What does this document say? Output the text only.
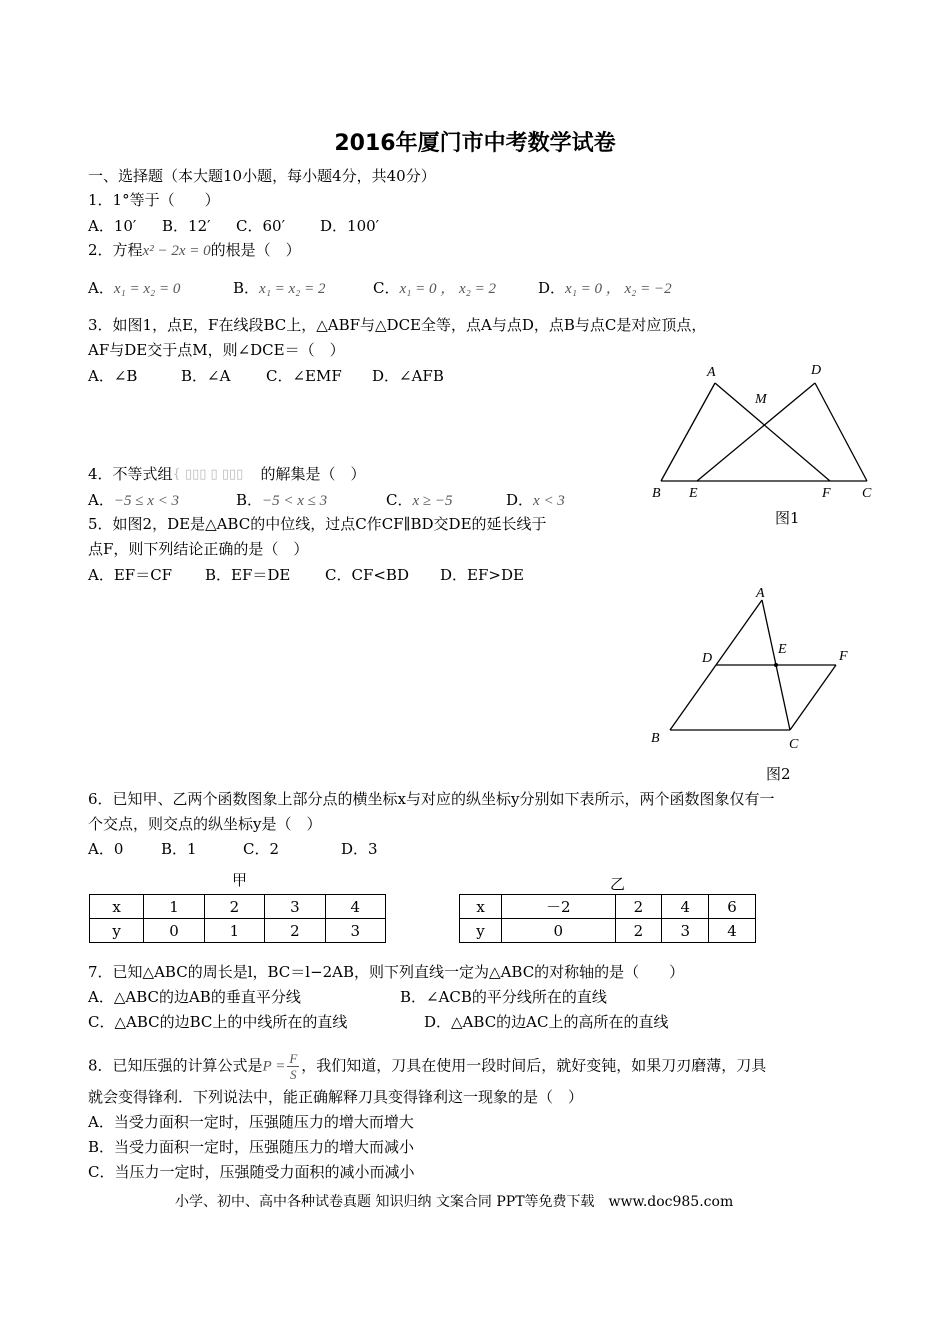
2016年厦门市中考数学试卷
一、选择题（本大题10小题，每小题4分，共40分）
1．1°等于（　　）
A．10′ B．12′ C．60′ D．100′
2．方程x² − 2x = 0的根是（　）
A．x₁ = x₂ = 0	B．x₁ = x₂ = 2	C．x₁ = 0 ， x₂ = 2	D．x₁ = 0 ， x₂ = −2
3．如图1，点E，F在线段BC上，△ABF与△DCE全等，点A与点D，点B与点C是对应顶点，
AF与DE交于点M，则∠DCE＝（　）
A．∠B	B．∠A C．∠EMF D．∠AFB	A	D
M
B E	F C
图1
4．不等式组{ ▯▯▯ ▯ ▯▯▯ 的解集是（　）
A．−5 ≤ x < 3	B．−5 < x ≤ 3	C．x ≥ −5	D．x < 3
5．如图2，DE是△ABC的中位线，过点C作CF∥BD交DE的延长线于
点F，则下列结论正确的是（　）
A．EF＝CF B．EF＝DE C．CF<BD D．EF>DE
A
D
E	F
B	C
图2
6．已知甲、乙两个函数图象上部分点的横坐标x与对应的纵坐标y分别如下表所示，两个函数图象仅有一
个交点，则交点的纵坐标y是（　）
A．0	B．1	C．2	D．3
甲
x	1	2	3	4
y	0	1	2	3
乙
x	－2	2	4	6
y	0	2	3	4
7．已知△ABC的周长是l，BC＝l−2AB，则下列直线一定为△ABC的对称轴的是（　　）
A．△ABC的边AB的垂直平分线	B．∠ACB的平分线所在的直线
C．△ABC的边BC上的中线所在的直线	D．△ABC的边AC上的高所在的直线
8．已知压强的计算公式是$P = \frac{F}{S}$ ，我们知道，刀具在使用一段时间后，就好变钝，如果刀刃磨薄，刀具
就会变得锋利．下列说法中，能正确解释刀具变得锋利这一现象的是（　）
A．当受力面积一定时，压强随压力的增大而增大
B．当受力面积一定时，压强随压力的增大而减小
C．当压力一定时，压强随受力面积的减小而减小
小学、初中、高中各种试卷真题 知识归纳 文案合同 PPT等免费下载　www.doc985.com
